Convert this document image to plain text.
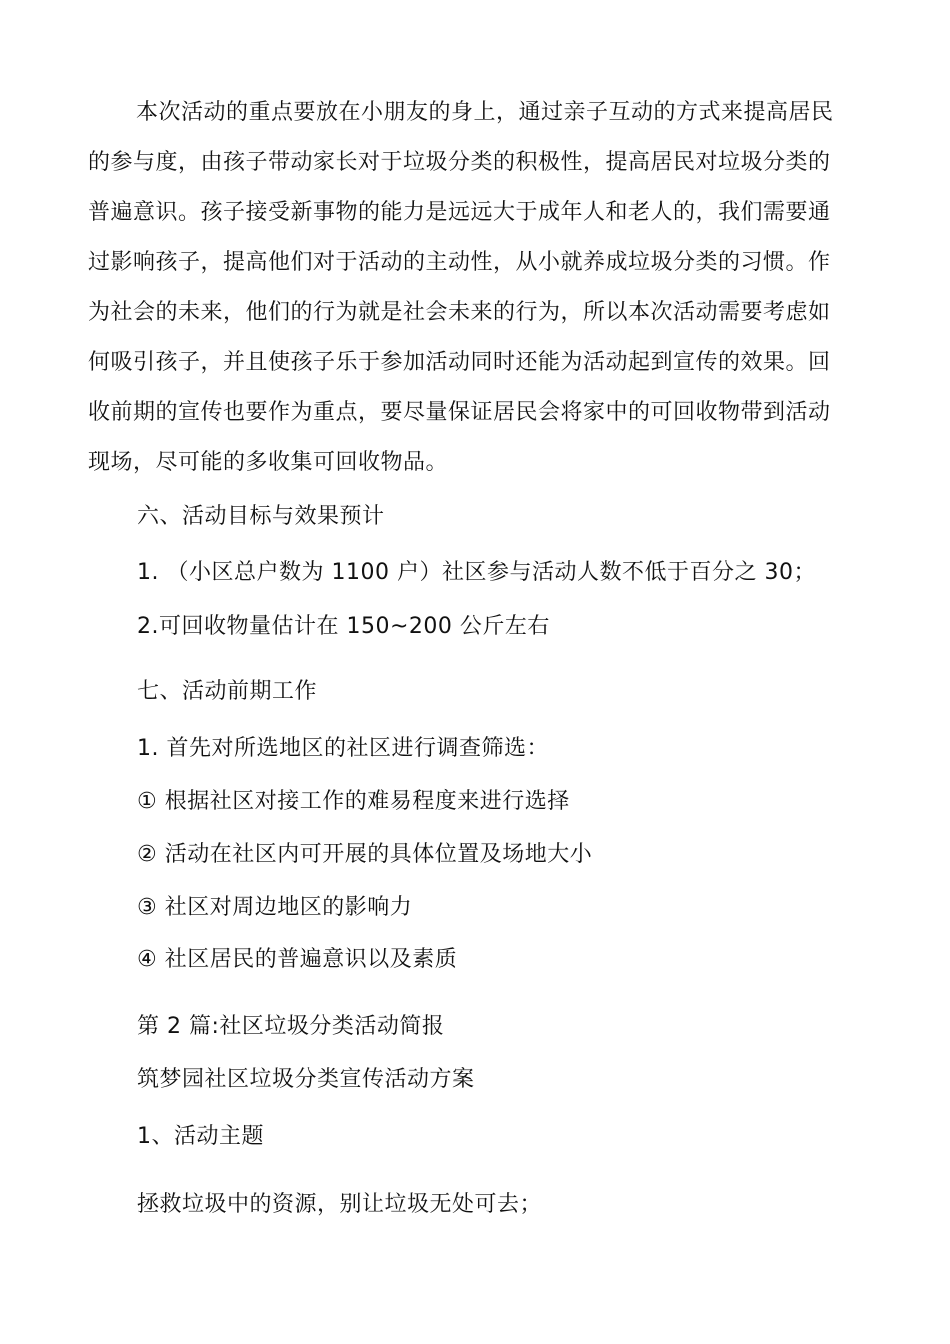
本次活动的重点要放在小朋友的身上，通过亲子互动的方式来提高居民
的参与度，由孩子带动家长对于垃圾分类的积极性，提高居民对垃圾分类的
普遍意识。孩子接受新事物的能力是远远大于成年人和老人的，我们需要通
过影响孩子，提高他们对于活动的主动性，从小就养成垃圾分类的习惯。作
为社会的未来，他们的行为就是社会未来的行为，所以本次活动需要考虑如
何吸引孩子，并且使孩子乐于参加活动同时还能为活动起到宣传的效果。回
收前期的宣传也要作为重点，要尽量保证居民会将家中的可回收物带到活动
现场，尽可能的多收集可回收物品。

六、活动目标与效果预计

1. （小区总户数为 1100 户）社区参与活动人数不低于百分之 30；

2.可回收物量估计在 150~200 公斤左右

七、活动前期工作

1. 首先对所选地区的社区进行调查筛选：

① 根据社区对接工作的难易程度来进行选择

② 活动在社区内可开展的具体位置及场地大小

③ 社区对周边地区的影响力

④ 社区居民的普遍意识以及素质

第 2 篇:社区垃圾分类活动简报

筑梦园社区垃圾分类宣传活动方案

1、活动主题

拯救垃圾中的资源，别让垃圾无处可去；
